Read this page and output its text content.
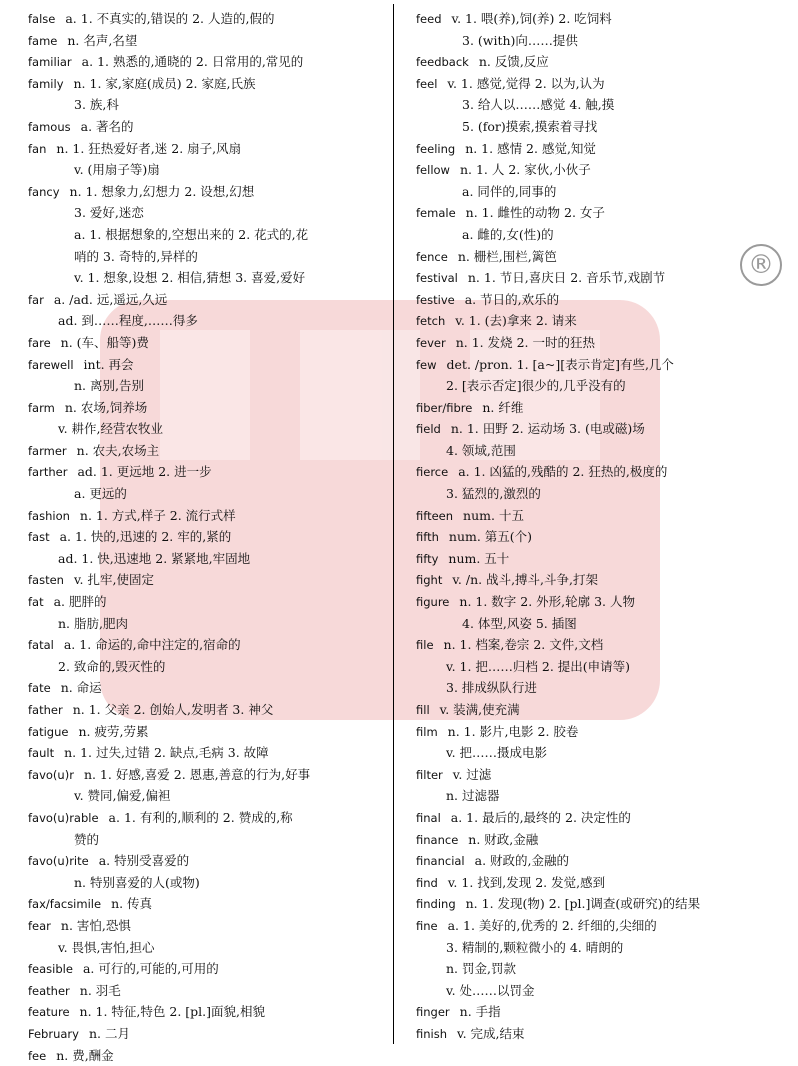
®
false a. 1. 不真实的,错误的 2. 人造的,假的
fame n. 名声,名望
familiar a. 1. 熟悉的,通晓的 2. 日常用的,常见的
family n. 1. 家,家庭(成员) 2. 家庭,氏族
3. 族,科
famous a. 著名的
fan n. 1. 狂热爱好者,迷 2. 扇子,风扇
v. (用扇子等)扇
fancy n. 1. 想象力,幻想力 2. 设想,幻想
3. 爱好,迷恋
a. 1. 根据想象的,空想出来的 2. 花式的,花
哨的 3. 奇特的,异样的
v. 1. 想象,设想 2. 相信,猜想 3. 喜爱,爱好
far a. /ad. 远,遥远,久远
ad. 到……程度,……得多
fare n. (车、船等)费
farewell int. 再会
n. 离别,告别
farm n. 农场,饲养场
v. 耕作,经营农牧业
farmer n. 农夫,农场主
farther ad. 1. 更远地 2. 进一步
a. 更远的
fashion n. 1. 方式,样子 2. 流行式样
fast a. 1. 快的,迅速的 2. 牢的,紧的
ad. 1. 快,迅速地 2. 紧紧地,牢固地
fasten v. 扎牢,使固定
fat a. 肥胖的
n. 脂肪,肥肉
fatal a. 1. 命运的,命中注定的,宿命的
2. 致命的,毁灭性的
fate n. 命运
father n. 1. 父亲 2. 创始人,发明者 3. 神父
fatigue n. 疲劳,劳累
fault n. 1. 过失,过错 2. 缺点,毛病 3. 故障
favo(u)r n. 1. 好感,喜爱 2. 恩惠,善意的行为,好事
v. 赞同,偏爱,偏袒
favo(u)rable a. 1. 有利的,顺利的 2. 赞成的,称
赞的
favo(u)rite a. 特别受喜爱的
n. 特别喜爱的人(或物)
fax/facsimile n. 传真
fear n. 害怕,恐惧
v. 畏惧,害怕,担心
feasible a. 可行的,可能的,可用的
feather n. 羽毛
feature n. 1. 特征,特色 2. [pl.]面貌,相貌
February n. 二月
fee n. 费,酬金
feed v. 1. 喂(养),饲(养) 2. 吃饲料
3. (with)向……提供
feedback n. 反馈,反应
feel v. 1. 感觉,觉得 2. 以为,认为
3. 给人以……感觉 4. 触,摸
5. (for)摸索,摸索着寻找
feeling n. 1. 感情 2. 感觉,知觉
fellow n. 1. 人 2. 家伙,小伙子
a. 同伴的,同事的
female n. 1. 雌性的动物 2. 女子
a. 雌的,女(性)的
fence n. 栅栏,围栏,篱笆
festival n. 1. 节日,喜庆日 2. 音乐节,戏剧节
festive a. 节日的,欢乐的
fetch v. 1. (去)拿来 2. 请来
fever n. 1. 发烧 2. 一时的狂热
few det. /pron. 1. [a~][表示肯定]有些,几个
2. [表示否定]很少的,几乎没有的
fiber/fibre n. 纤维
field n. 1. 田野 2. 运动场 3. (电或磁)场
4. 领域,范围
fierce a. 1. 凶猛的,残酷的 2. 狂热的,极度的
3. 猛烈的,激烈的
fifteen num. 十五
fifth num. 第五(个)
fifty num. 五十
fight v. /n. 战斗,搏斗,斗争,打架
figure n. 1. 数字 2. 外形,轮廓 3. 人物
4. 体型,风姿 5. 插图
file n. 1. 档案,卷宗 2. 文件,文档
v. 1. 把……归档 2. 提出(申请等)
3. 排成纵队行进
fill v. 装满,使充满
film n. 1. 影片,电影 2. 胶卷
v. 把……摄成电影
filter v. 过滤
n. 过滤器
final a. 1. 最后的,最终的 2. 决定性的
finance n. 财政,金融
financial a. 财政的,金融的
find v. 1. 找到,发现 2. 发觉,感到
finding n. 1. 发现(物) 2. [pl.]调查(或研究)的结果
fine a. 1. 美好的,优秀的 2. 纤细的,尖细的
3. 精制的,颗粒微小的 4. 晴朗的
n. 罚金,罚款
v. 处……以罚金
finger n. 手指
finish v. 完成,结束
